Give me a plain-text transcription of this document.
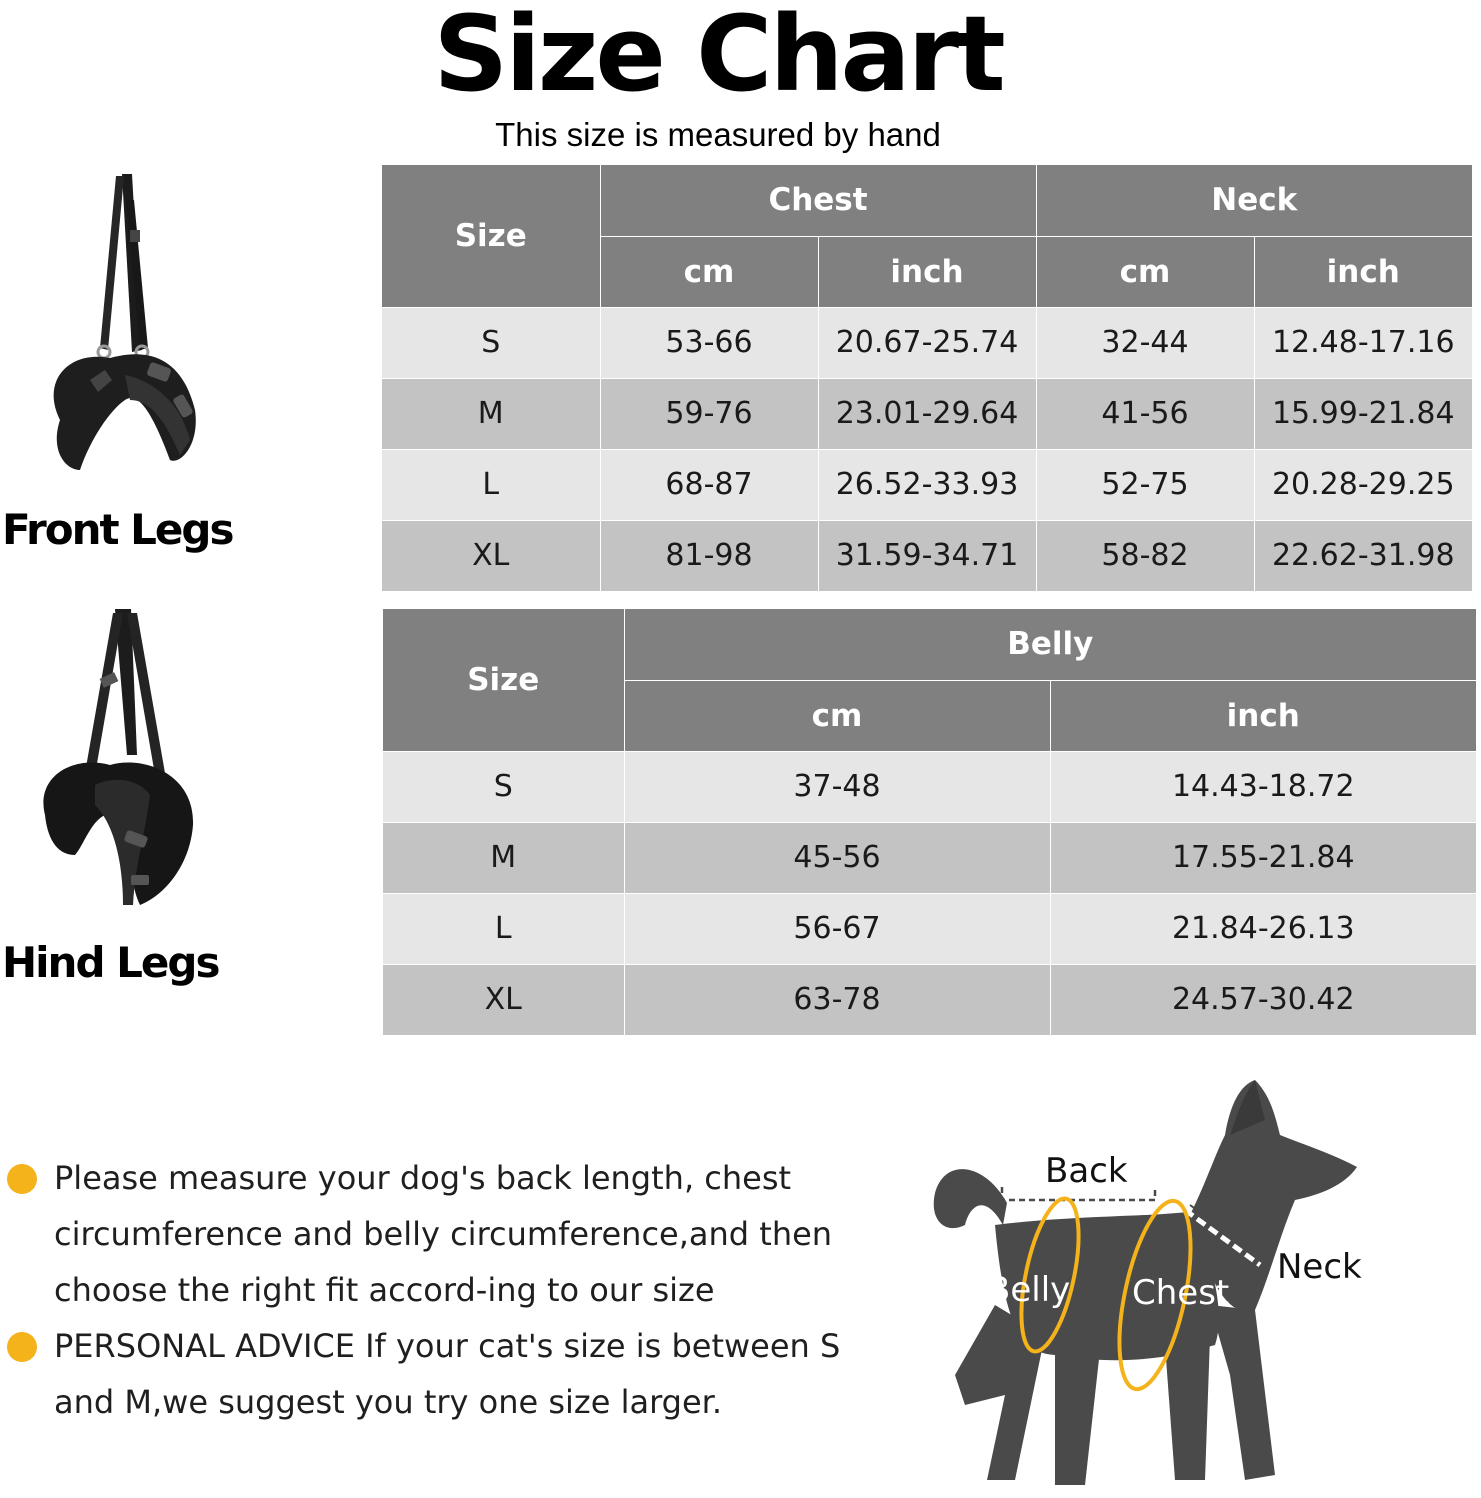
Size Chart
This size is measured by hand
Front Legs
Hind Legs
Size	Chest		Neck	
	cm	inch	cm	inch
S	53-66	20.67-25.74	32-44	12.48-17.16
M	59-76	23.01-29.64	41-56	15.99-21.84
L	68-87	26.52-33.93	52-75	20.28-29.25
XL	81-98	31.59-34.71	58-82	22.62-31.98
Size	Belly	
	cm	inch
S	37-48	14.43-18.72
M	45-56	17.55-21.84
L	56-67	21.84-26.13
XL	63-78	24.57-30.42
Please measure your dog's back length, chest circumference and belly circumference,and then choose the right fit accord-ing to our size
PERSONAL ADVICE If your cat's size is between S and M,we suggest you try one size larger.
Back
Belly Chest
Neck
